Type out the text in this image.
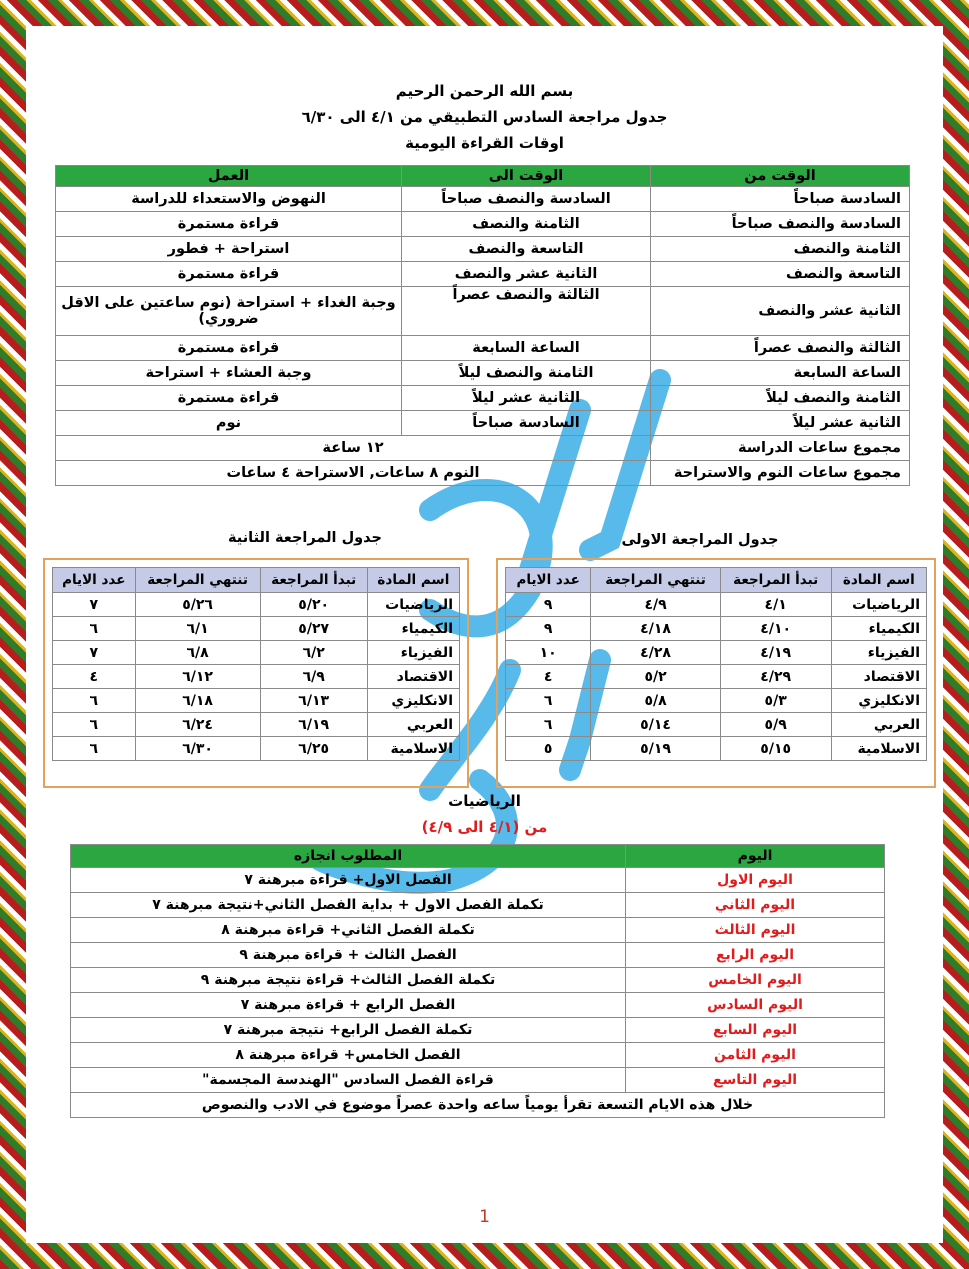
بسم الله الرحمن الرحيم
جدول مراجعة السادس التطبيقي من ٤/١ الى ٦/٣٠
اوقات القراءة اليومية
الوقت من	الوقت الى	العمل
السادسة صباحاً	السادسة والنصف صباحاً	النهوض والاستعداء للدراسة
السادسة والنصف صباحاً	الثامنة والنصف	قراءة مستمرة
الثامنة والنصف	التاسعة والنصف	استراحة + فطور
التاسعة والنصف	الثانية عشر والنصف	قراءة مستمرة
الثانية عشر والنصف	الثالثة والنصف عصراً	وجبة الغداء + استراحة (نوم ساعتين على الاقل ضروري)
الثالثة والنصف عصراً	الساعة السابعة	قراءة مستمرة
الساعة السابعة	الثامنة والنصف ليلاً	وجبة العشاء + استراحة
الثامنة والنصف ليلاً	الثانية عشر ليلاً	قراءة مستمرة
الثانية عشر ليلاً	السادسة صباحاً	نوم
مجموع ساعات الدراسة	١٢ ساعة	
مجموع ساعات النوم والاستراحة	النوم ٨ ساعات, الاستراحة ٤ ساعات	
جدول المراجعة الاولى
جدول المراجعة الثانية
اسم المادة	تبدأ المراجعة	تنتهي المراجعة	عدد الايام
الرياضيات	٤/١	٤/٩	٩
الكيمياء	٤/١٠	٤/١٨	٩
الفيزياء	٤/١٩	٤/٢٨	١٠
الاقتصاد	٤/٢٩	٥/٢	٤
الانكليزي	٥/٣	٥/٨	٦
العربي	٥/٩	٥/١٤	٦
الاسلامية	٥/١٥	٥/١٩	٥
اسم المادة	تبدأ المراجعة	تنتهي المراجعة	عدد الايام
الرياضيات	٥/٢٠	٥/٢٦	٧
الكيمياء	٥/٢٧	٦/١	٦
الفيزياء	٦/٢	٦/٨	٧
الاقتصاد	٦/٩	٦/١٢	٤
الانكليزي	٦/١٣	٦/١٨	٦
العربي	٦/١٩	٦/٢٤	٦
الاسلامية	٦/٢٥	٦/٣٠	٦
الرياضيات
من (٤/١ الى ٤/٩)
اليوم	المطلوب انجازه
اليوم الاول	الفصل الاول+ قراءة مبرهنة ٧
اليوم الثاني	تكملة الفصل الاول + بداية الفصل الثاني+نتيجة مبرهنة ٧
اليوم الثالث	تكملة الفصل الثاني+ قراءة مبرهنة ٨
اليوم الرابع	الفصل الثالث + قراءة مبرهنة ٩
اليوم الخامس	تكملة الفصل الثالث+ قراءة نتيجة مبرهنة ٩
اليوم السادس	الفصل الرابع + قراءة مبرهنة ٧
اليوم السابع	تكملة الفصل الرابع+ نتيجة مبرهنة ٧
اليوم الثامن	الفصل الخامس+ قراءة مبرهنة ٨
اليوم التاسع	قراءة الفصل السادس "الهندسة المجسمة"
خلال هذه الايام التسعة تقرأ يومياً ساعه واحدة عصراً موضوع في الادب والنصوص	
1
